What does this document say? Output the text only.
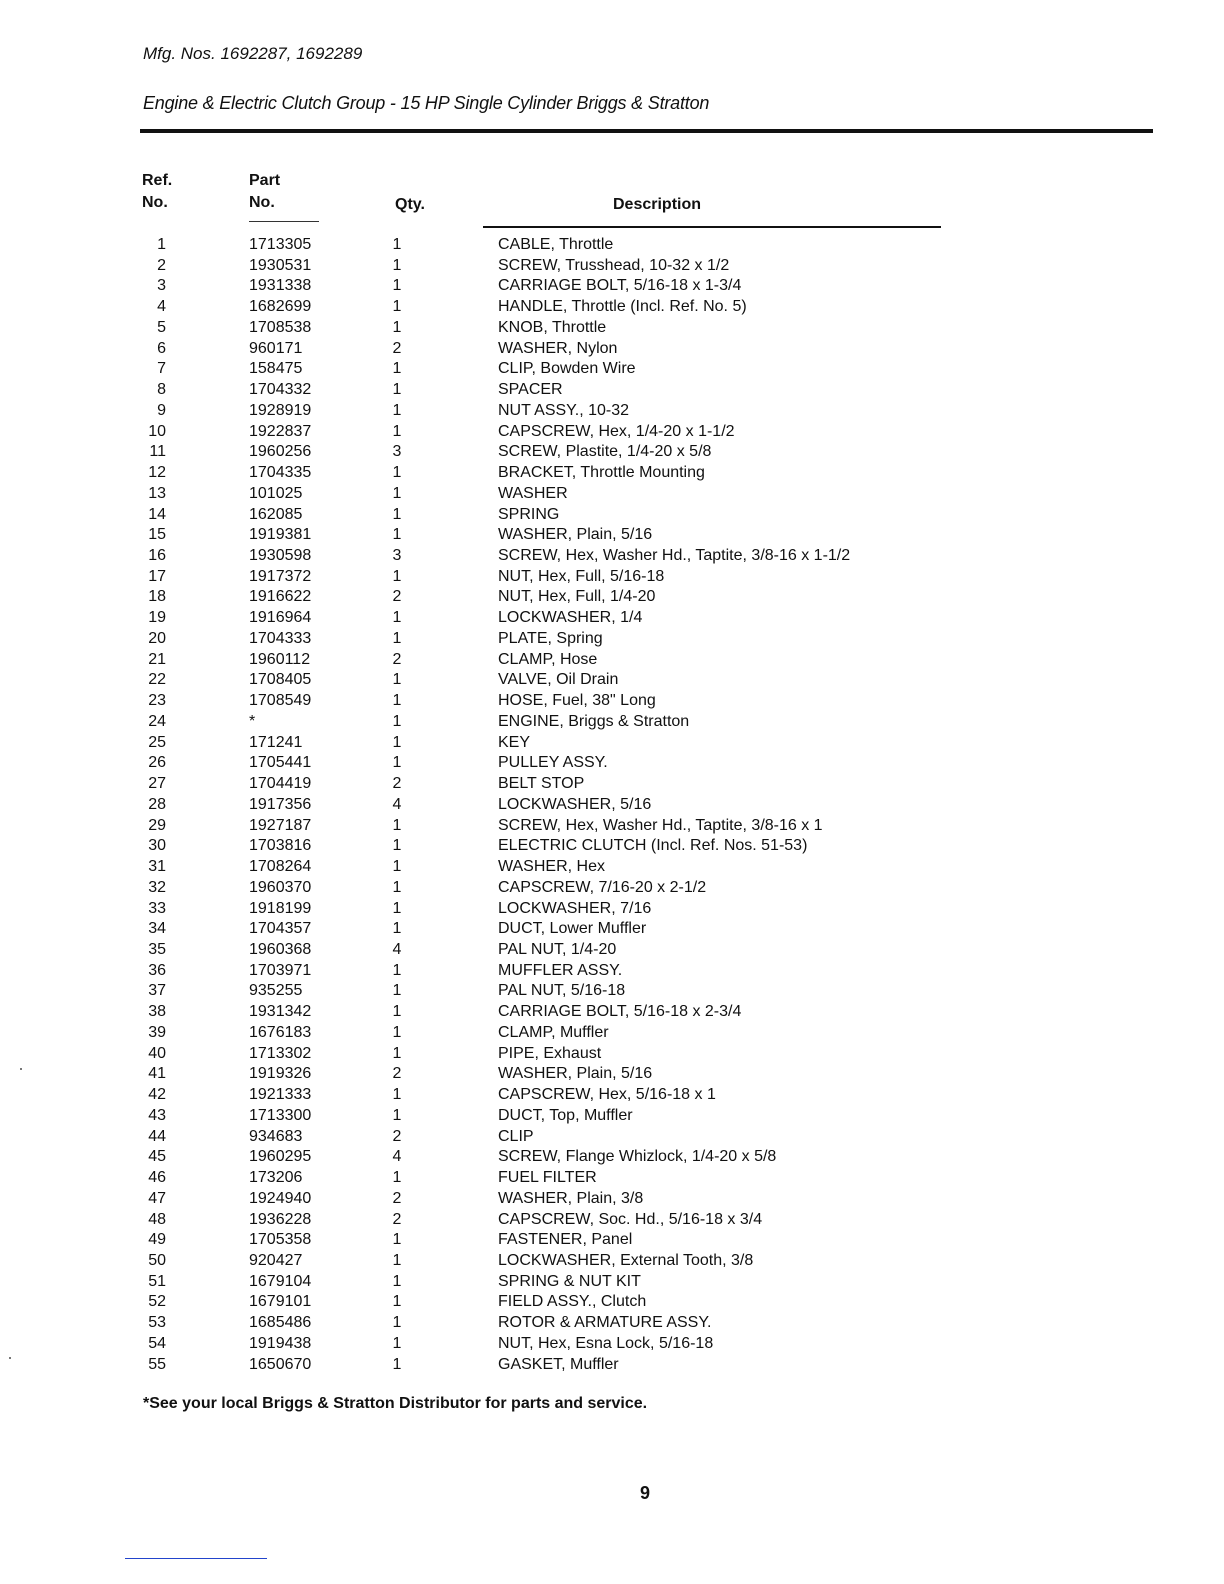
Mfg. Nos. 1692287, 1692289
Engine & Electric Clutch Group - 15 HP Single Cylinder Briggs & Stratton
Ref.
No.
Part
No.	Qty.	Description
1	1713305	1	CABLE, Throttle
2	1930531	1	SCREW, Trusshead, 10-32 x 1/2
3	1931338	1	CARRIAGE BOLT, 5/16-18 x 1-3/4
4	1682699	1	HANDLE, Throttle (Incl. Ref. No. 5)
5	1708538	1	KNOB, Throttle
6	960171	2	WASHER, Nylon
7	158475	1	CLIP, Bowden Wire
8	1704332	1	SPACER
9	1928919	1	NUT ASSY., 10-32
10	1922837	1	CAPSCREW, Hex, 1/4-20 x 1-1/2
11	1960256	3	SCREW, Plastite, 1/4-20 x 5/8
12	1704335	1	BRACKET, Throttle Mounting
13	101025	1	WASHER
14	162085	1	SPRING
15	1919381	1	WASHER, Plain, 5/16
16	1930598	3	SCREW, Hex, Washer Hd., Taptite, 3/8-16 x 1-1/2
17	1917372	1	NUT, Hex, Full, 5/16-18
18	1916622	2	NUT, Hex, Full, 1/4-20
19	1916964	1	LOCKWASHER, 1/4
20	1704333	1	PLATE, Spring
21	1960112	2	CLAMP, Hose
22	1708405	1	VALVE, Oil Drain
23	1708549	1	HOSE, Fuel, 38" Long
24	*	1	ENGINE, Briggs & Stratton
25	171241	1	KEY
26	1705441	1	PULLEY ASSY.
27	1704419	2	BELT STOP
28	1917356	4	LOCKWASHER, 5/16
29	1927187	1	SCREW, Hex, Washer Hd., Taptite, 3/8-16 x 1
30	1703816	1	ELECTRIC CLUTCH (Incl. Ref. Nos. 51-53)
31	1708264	1	WASHER, Hex
32	1960370	1	CAPSCREW, 7/16-20 x 2-1/2
33	1918199	1	LOCKWASHER, 7/16
34	1704357	1	DUCT, Lower Muffler
35	1960368	4	PAL NUT, 1/4-20
36	1703971	1	MUFFLER ASSY.
37	935255	1	PAL NUT, 5/16-18
38	1931342	1	CARRIAGE BOLT, 5/16-18 x 2-3/4
39	1676183	1	CLAMP, Muffler
40	1713302	1	PIPE, Exhaust
41	1919326	2	WASHER, Plain, 5/16
42	1921333	1	CAPSCREW, Hex, 5/16-18 x 1
43	1713300	1	DUCT, Top, Muffler
44	934683	2	CLIP
45	1960295	4	SCREW, Flange Whizlock, 1/4-20 x 5/8
46	173206	1	FUEL FILTER
47	1924940	2	WASHER, Plain, 3/8
48	1936228	2	CAPSCREW, Soc. Hd., 5/16-18 x 3/4
49	1705358	1	FASTENER, Panel
50	920427	1	LOCKWASHER, External Tooth, 3/8
51	1679104	1	SPRING & NUT KIT
52	1679101	1	FIELD ASSY., Clutch
53	1685486	1	ROTOR & ARMATURE ASSY.
54	1919438	1	NUT, Hex, Esna Lock, 5/16-18
55	1650670	1	GASKET, Muffler
*See your local Briggs & Stratton Distributor for parts and service.
9
